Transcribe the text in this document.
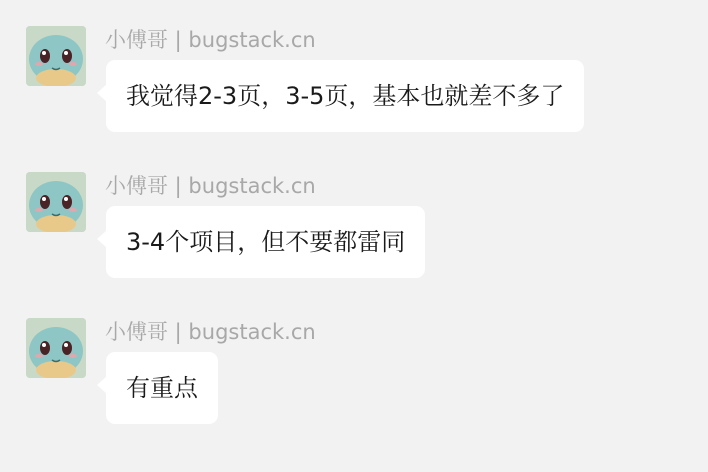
小傅哥 | bugstack.cn
我觉得2-3页，3-5页，基本也就差不多了
小傅哥 | bugstack.cn
3-4个项目，但不要都雷同
小傅哥 | bugstack.cn
有重点
